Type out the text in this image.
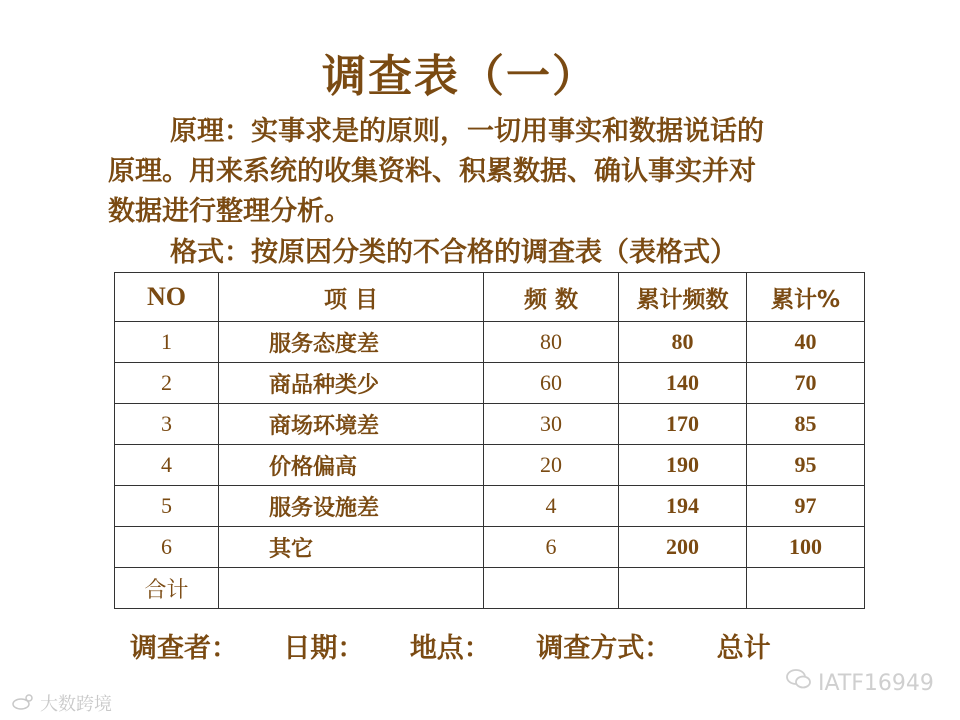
调查表（一）
原理：实事求是的原则，一切用事实和数据说话的
原理。用来系统的收集资料、积累数据、确认事实并对
数据进行整理分析。
格式：按原因分类的不合格的调查表（表格式）
NO	项 目	频 数	累计频数	累计%
1	服务态度差	80	80	40
2	商品种类少	60	140	70
3	商场环境差	30	170	85
4	价格偏高	20	190	95
5	服务设施差	4	194	97
6	其它	6	200	100
合计				
调查者： 日期： 地点： 调查方式： 总计
大数跨境
IATF16949
